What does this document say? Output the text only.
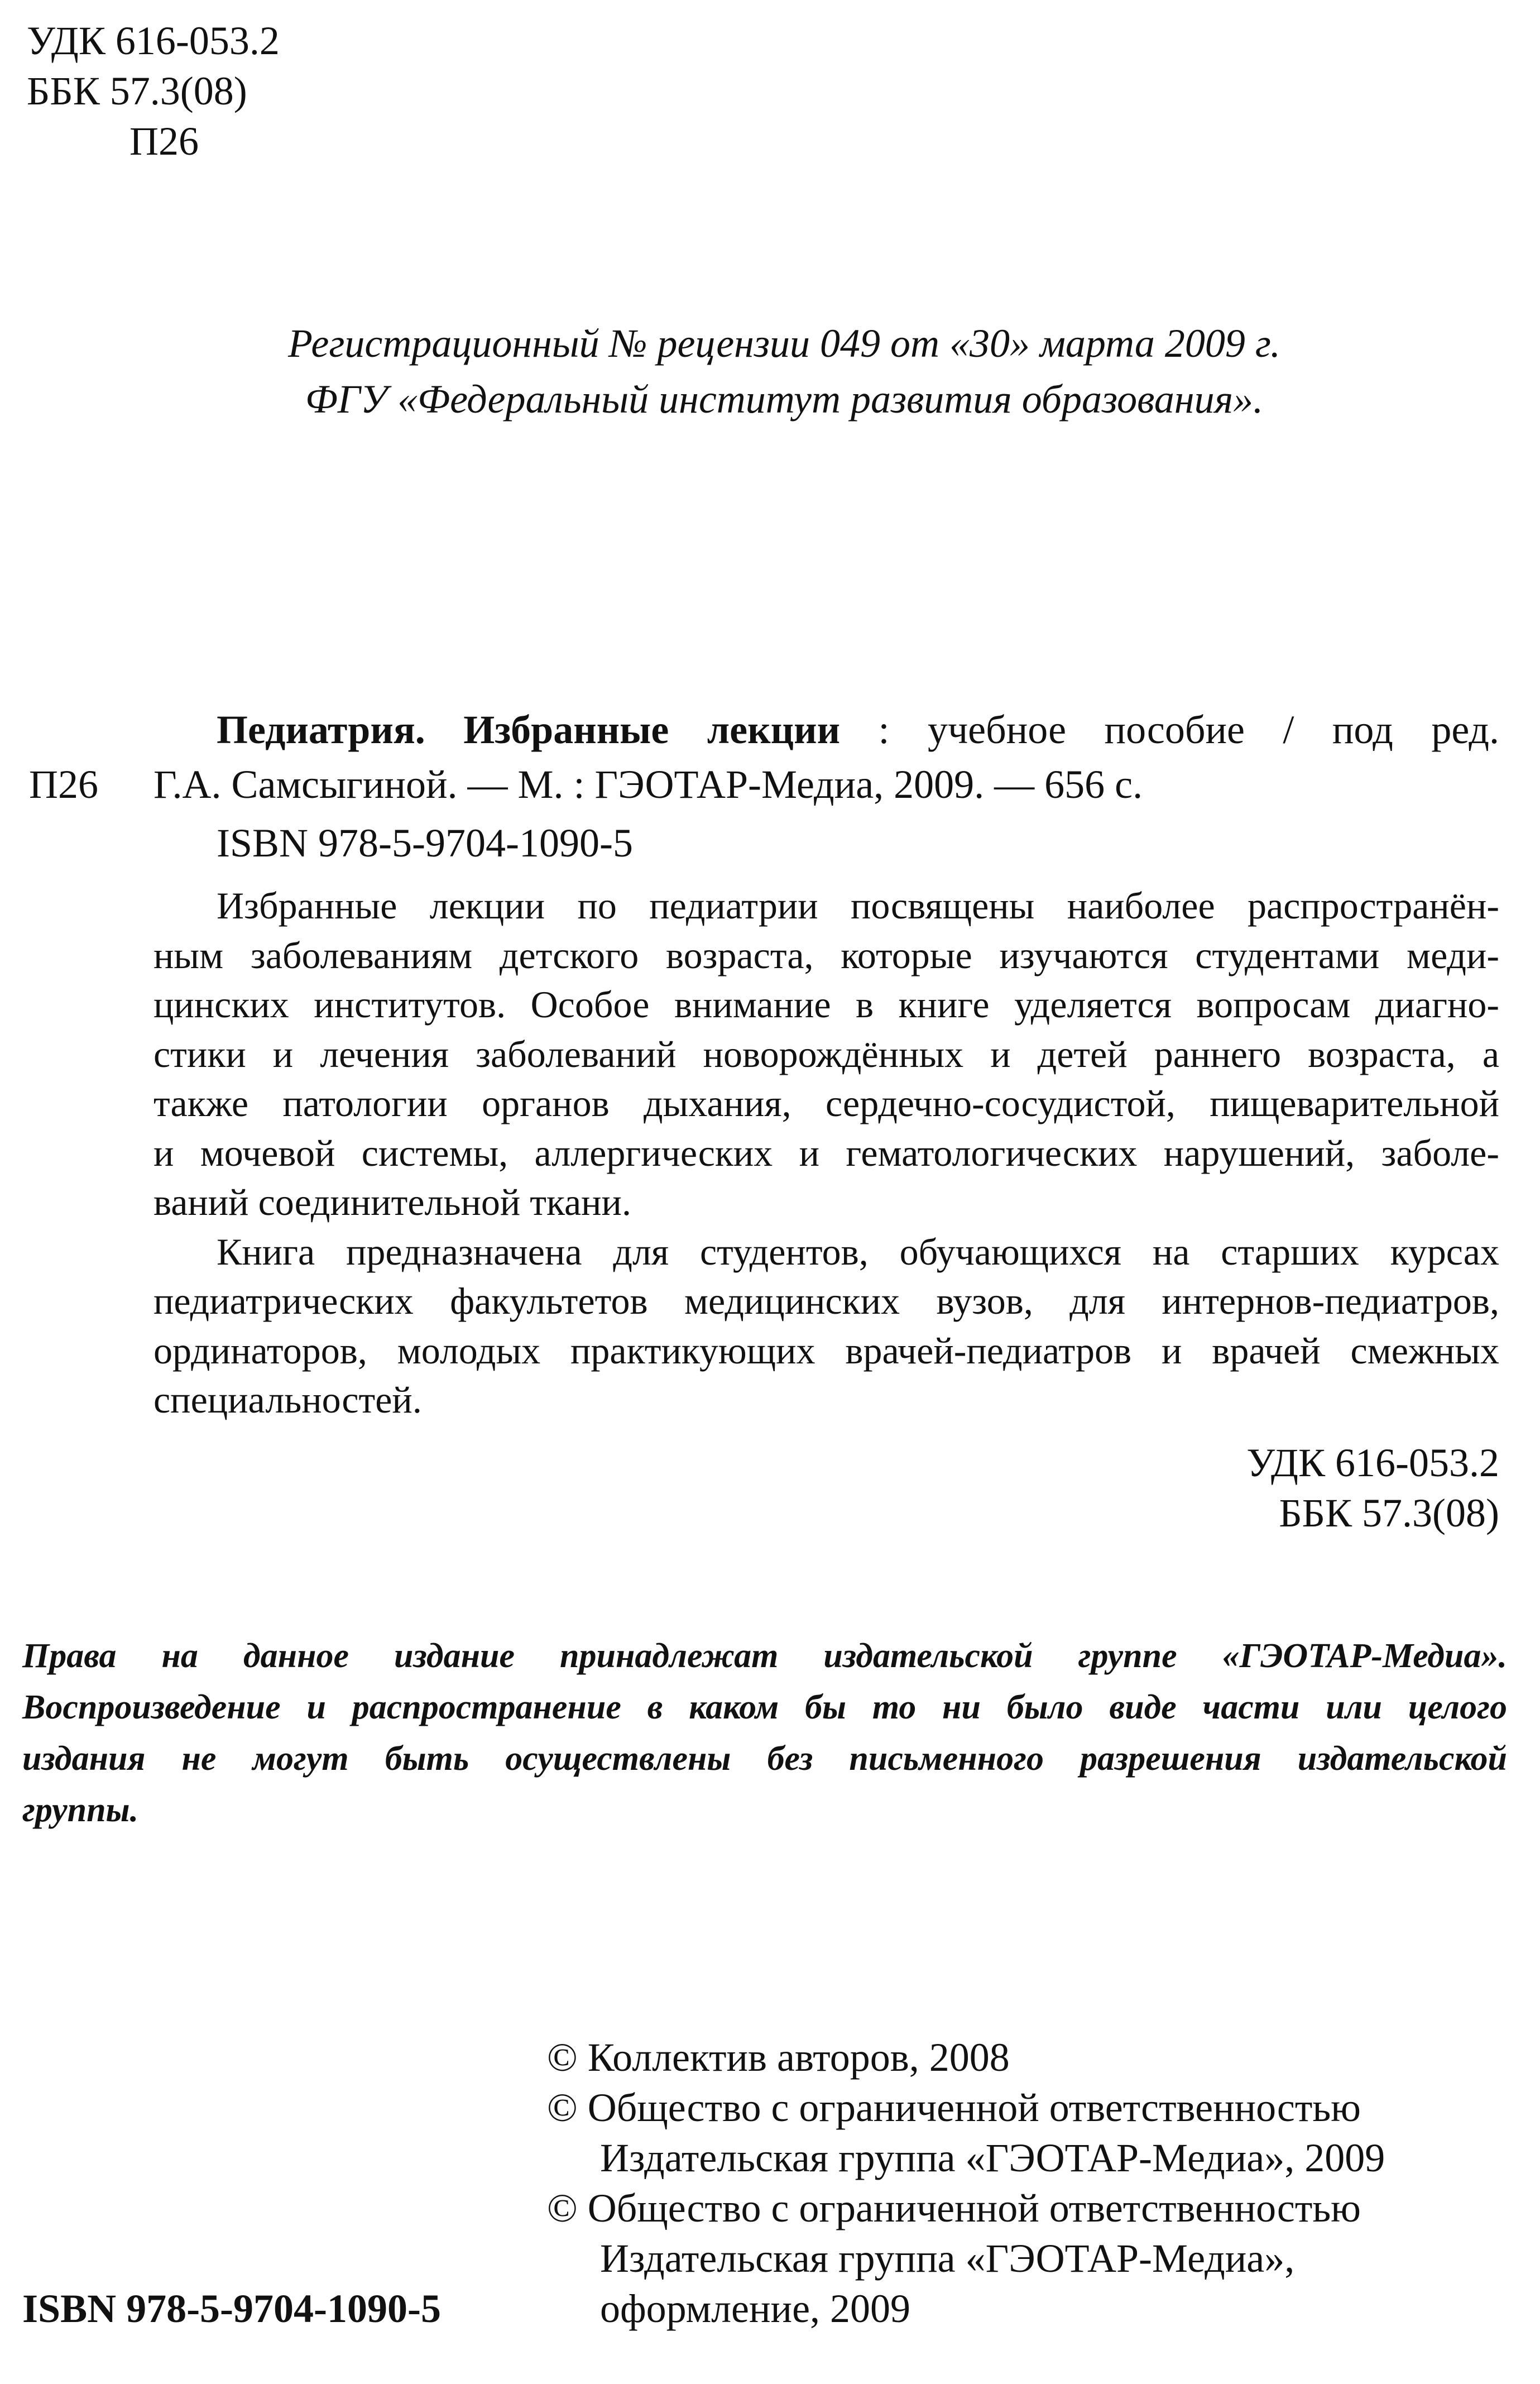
УДК 616-053.2
ББК 57.3(08)
П26
Регистрационный № рецензии 049 от «30» марта 2009 г.
ФГУ «Федеральный институт развития образования».
Педиатрия. Избранные лекции : учебное пособие / под ред.
П26 Г.А. Самсыгиной. — М. : ГЭОТАР-Медиа, 2009. — 656 с.
ISBN 978-5-9704-1090-5
Избранные лекции по педиатрии посвящены наиболее распространён-
ным заболеваниям детского возраста, которые изучаются студентами меди-
цинских институтов. Особое внимание в книге уделяется вопросам диагно-
стики и лечения заболеваний новорождённых и детей раннего возраста, а
также патологии органов дыхания, сердечно-сосудистой, пищеварительной
и мочевой системы, аллергических и гематологических нарушений, заболе-
ваний соединительной ткани.
Книга предназначена для студентов, обучающихся на старших курсах
педиатрических факультетов медицинских вузов, для интернов-педиатров,
ординаторов, молодых практикующих врачей-педиатров и врачей смежных
специальностей.
УДК 616-053.2
ББК 57.3(08)
Права на данное издание принадлежат издательской группе «ГЭОТАР-Медиа».
Воспроизведение и распространение в каком бы то ни было виде части или целого
издания не могут быть осуществлены без письменного разрешения издательской
группы.
© Коллектив авторов, 2008
© Общество с ограниченной ответственностью
Издательская группа «ГЭОТАР-Медиа», 2009
© Общество с ограниченной ответственностью
Издательская группа «ГЭОТАР-Медиа»,
оформление, 2009
ISBN 978-5-9704-1090-5
